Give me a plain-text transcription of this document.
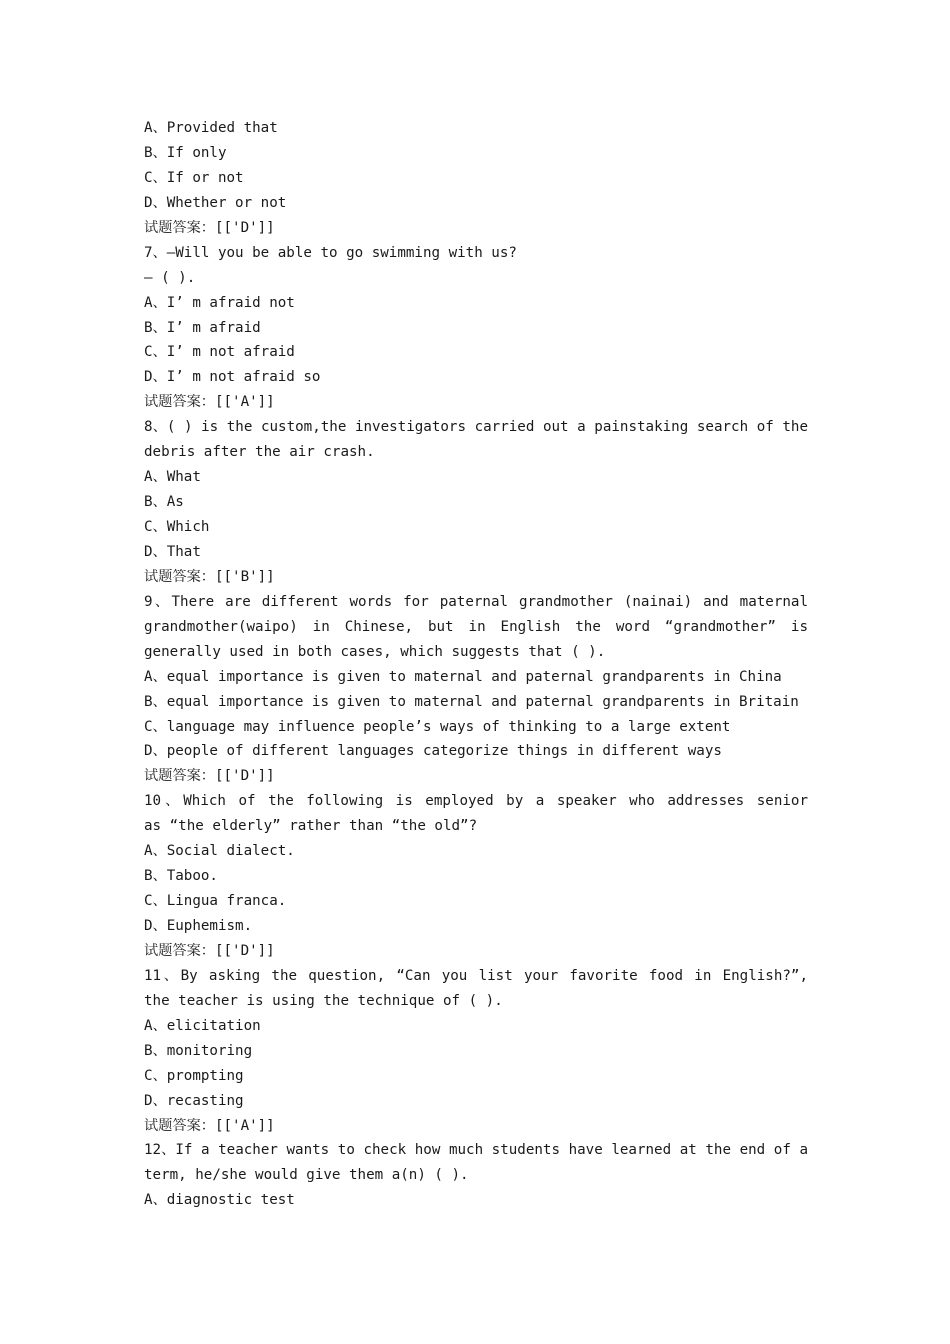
A、Provided that
B、If only
C、If or not
D、Whether or not
试题答案：[['D']]
7、—Will you be able to go swimming with us?
— ( ).
A、I’ m afraid not
B、I’ m afraid
C、I’ m not afraid
D、I’ m not afraid so
试题答案：[['A']]
8、( ) is the custom,the investigators carried out a painstaking search of the
debris after the air crash.
A、What
B、As
C、Which
D、That
试题答案：[['B']]
9、There are different words for paternal grandmother (nainai) and maternal
grandmother(waipo) in Chinese, but in English the word “grandmother” is
generally used in both cases, which suggests that ( ).
A、equal importance is given to maternal and paternal grandparents in China
B、equal importance is given to maternal and paternal grandparents in Britain
C、language may influence people’s ways of thinking to a large extent
D、people of different languages categorize things in different ways
试题答案：[['D']]
10、Which of the following is employed by a speaker who addresses senior
as “the elderly” rather than “the old”?
A、Social dialect.
B、Taboo.
C、Lingua franca.
D、Euphemism.
试题答案：[['D']]
11、By asking the question, “Can you list your favorite food in English?”,
the teacher is using the technique of ( ).
A、elicitation
B、monitoring
C、prompting
D、recasting
试题答案：[['A']]
12、If a teacher wants to check how much students have learned at the end of a
term, he/she would give them a(n) ( ).
A、diagnostic test
